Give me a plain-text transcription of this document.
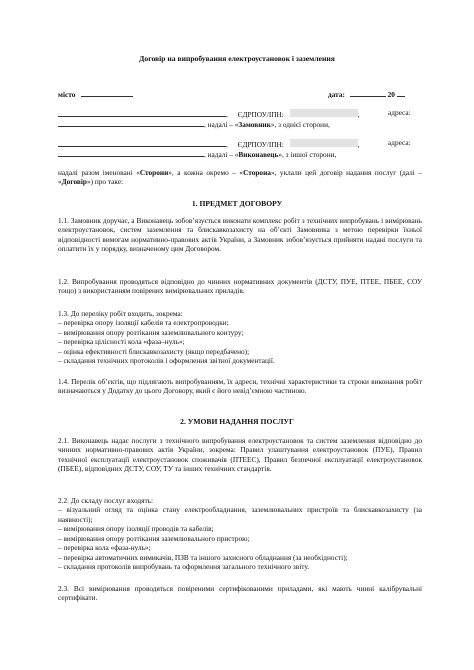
Договір на випробування електроустановок і заземлення
місто	дата:	20
, ЄДРПОУ/ІПН:	,	адреса:
, надалі – «Замовник», з однієї сторони,
, ЄДРПОУ/ІПН:	,	адреса:
, надалі – «Виконавець», з іншої сторони,
надалі разом іменовані «Сторони», а кожна окремо – «Сторона», уклали цей договір надання послуг (далі – «Договір») про таке:
1. ПРЕДМЕТ ДОГОВОРУ
1.1. Замовник доручає, а Виконавець зобов’язується виконати комплекс робіт з технічних випробувань і вимірювань електроустановок, систем заземлення та блискавкозахисту на об’єкті Замовника з метою перевірки їхньої відповідності вимогам нормативно-правових актів України, а Замовник зобов’язується прийняти надані послуги та оплатити їх у порядку, визначеному цим Договором.
1.2. Випробування проводяться відповідно до чинних нормативних документів (ДСТУ, ПУЕ, ПТЕЕ, ПБЕЕ, СОУ тощо) з використанням повірених вимірювальних приладів.
1.3. До переліку робіт входить, зокрема:
– перевірка опору ізоляції кабелів та електропроводки;
– вимірювання опору розтікання заземлювального контуру;
– перевірка цілісності кола «фаза–нуль»;
– оцінка ефективності блискавкозахисту (якщо передбачено);
– складання технічних протоколів і оформлення звітної документації.
1.4. Перелік об’єктів, що підлягають випробуванням, їх адреси, технічні характеристики та строки виконання робіт визначаються у Додатку до цього Договору, який є його невід’ємною частиною.
2. УМОВИ НАДАННЯ ПОСЛУГ
2.1. Виконавець надає послуги з технічного випробування електроустановок та систем заземлення відповідно до чинних нормативно-правових актів України, зокрема: Правил улаштування електроустановок (ПУЕ), Правил технічної експлуатації електроустановок споживачів (ПТЕЕС), Правил безпечної експлуатації електроустановок (ПБЕЕ), відповідних ДСТУ, СОУ, ТУ та інших технічних стандартів.
2.2. До складу послуг входять:
– візуальний огляд та оцінка стану електрообладнання, заземлювальних пристроїв та блискавкозахисту (за наявності);
– вимірювання опору ізоляції проводів та кабелів;
– вимірювання опору розтікання заземлювального пристрою;
– перевірка кола «фаза-нуль»;
– перевірка автоматичних вимикачів, ПЗВ та іншого захисного обладнання (за необхідності);
– складання протоколів випробувань та оформлення загального технічного звіту.
2.3. Всі вимірювання проводяться повіреними сертифікованими приладами, які мають чинні калібрувальні сертифікати.
